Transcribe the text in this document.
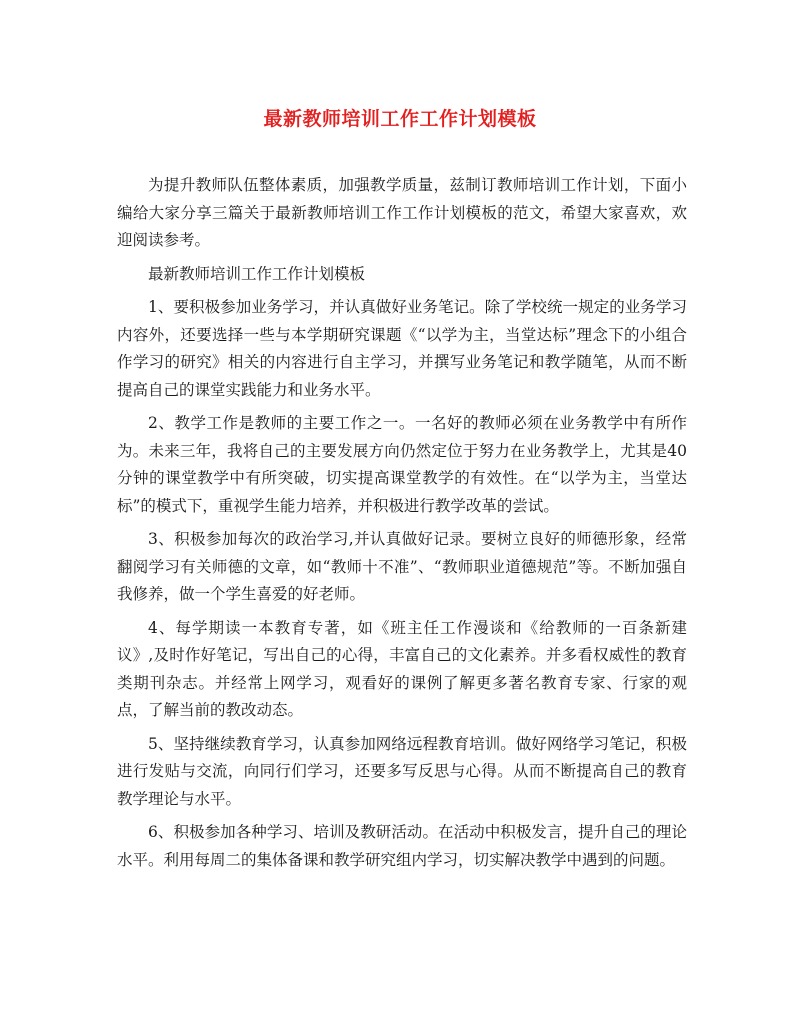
最新教师培训工作工作计划模板

为提升教师队伍整体素质，加强教学质量，兹制订教师培训工作计划，下面小编给大家分享三篇关于最新教师培训工作工作计划模板的范文，希望大家喜欢，欢迎阅读参考。

最新教师培训工作工作计划模板

1、要积极参加业务学习，并认真做好业务笔记。除了学校统一规定的业务学习内容外，还要选择一些与本学期研究课题《“以学为主，当堂达标”理念下的小组合作学习的研究》相关的内容进行自主学习，并撰写业务笔记和教学随笔，从而不断提高自己的课堂实践能力和业务水平。

2、教学工作是教师的主要工作之一。一名好的教师必须在业务教学中有所作为。未来三年，我将自己的主要发展方向仍然定位于努力在业务教学上，尤其是40分钟的课堂教学中有所突破，切实提高课堂教学的有效性。在“以学为主，当堂达标”的模式下，重视学生能力培养，并积极进行教学改革的尝试。

3、积极参加每次的政治学习,并认真做好记录。要树立良好的师德形象，经常翻阅学习有关师德的文章，如“教师十不准”、“教师职业道德规范”等。不断加强自我修养，做一个学生喜爱的好老师。

4、每学期读一本教育专著，如《班主任工作漫谈和《给教师的一百条新建议》,及时作好笔记，写出自己的心得，丰富自己的文化素养。并多看权威性的教育类期刊杂志。并经常上网学习，观看好的课例了解更多著名教育专家、行家的观点，了解当前的教改动态。

5、坚持继续教育学习，认真参加网络远程教育培训。做好网络学习笔记，积极进行发贴与交流，向同行们学习，还要多写反思与心得。从而不断提高自己的教育教学理论与水平。

6、积极参加各种学习、培训及教研活动。在活动中积极发言，提升自己的理论水平。利用每周二的集体备课和教学研究组内学习，切实解决教学中遇到的问题。
